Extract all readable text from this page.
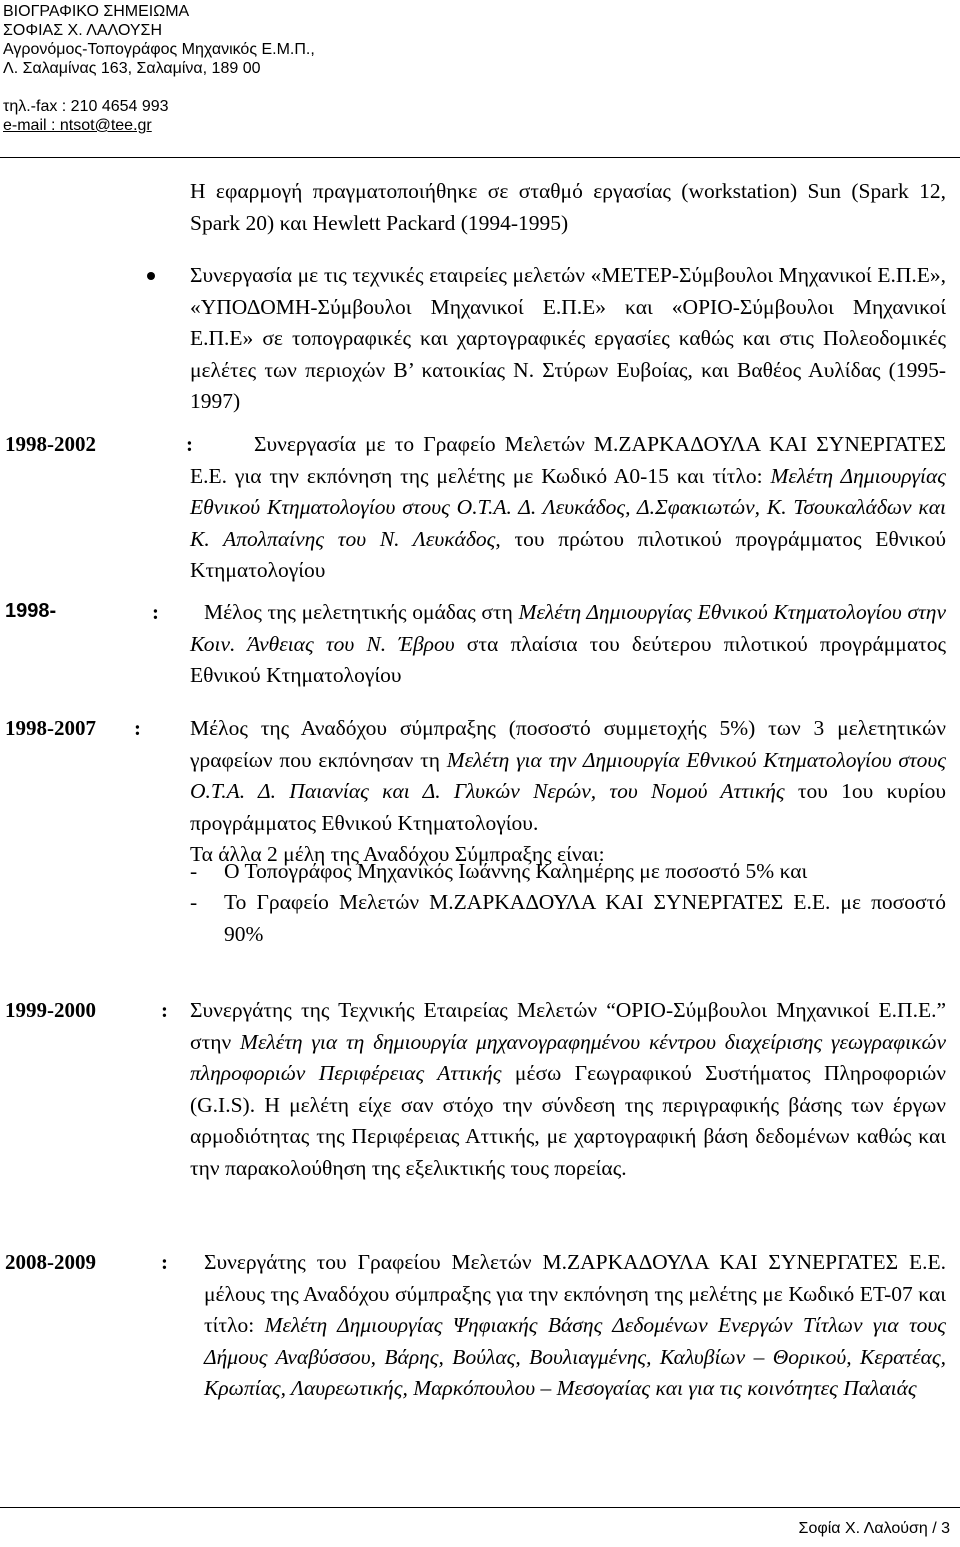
ΒΙΟΓΡΑΦΙΚΟ ΣΗΜΕΙΩΜΑ
ΣΟΦΙΑΣ Χ. ΛΑΛΟΥΣΗ
Αγρονόμος-Τοπογράφος Μηχανικός Ε.Μ.Π.,
Λ. Σαλαμίνας 163, Σαλαμίνα, 189 00
τηλ.-fax : 210 4654 993
e-mail : ntsot@tee.gr
Η εφαρμογή πραγματοποιήθηκε σε σταθμό εργασίας (workstation) Sun (Spark 12, Spark 20) και Hewlett Packard (1994-1995)
Συνεργασία με τις τεχνικές εταιρείες μελετών «ΜΕΤΕΡ-Σύμβουλοι Μηχανικοί Ε.Π.Ε», «ΥΠΟΔΟΜΗ-Σύμβουλοι Μηχανικοί Ε.Π.Ε» και «ΟΡΙΟ-Σύμβουλοι Μηχανικοί Ε.Π.Ε» σε τοπογραφικές και χαρτογραφικές εργασίες καθώς και στις Πολεοδομικές μελέτες των περιοχών Β’ κατοικίας Ν. Στύρων Ευβοίας, και Βαθέος Αυλίδας (1995-1997)
1998-2002	:	Συνεργασία με το Γραφείο Μελετών Μ.ΖΑΡΚΑΔΟΥΛΑ ΚΑΙ ΣΥΝΕΡΓΑΤΕΣ Ε.Ε. για την εκπόνηση της μελέτης με Κωδικό Α0-15 και τίτλο: Μελέτη Δημιουργίας Εθνικού Κτηματολογίου στους Ο.Τ.Α. Δ. Λευκάδος, Δ.Σφακιωτών, Κ. Τσουκαλάδων και Κ. Απολπαίνης του Ν. Λευκάδος, του πρώτου πιλοτικού προγράμματος Εθνικού Κτηματολογίου
1998-	:	Μέλος της μελετητικής ομάδας στη Μελέτη Δημιουργίας Εθνικού Κτηματολογίου στην Κοιν. Άνθειας του Ν. Έβρου στα πλαίσια του δεύτερου πιλοτικού προγράμματος Εθνικού Κτηματολογίου
1998-2007 : Μέλος της Αναδόχου σύμπραξης (ποσοστό συμμετοχής 5%) των 3 μελετητικών γραφείων που εκπόνησαν τη Μελέτη για την Δημιουργία Εθνικού Κτηματολογίου στους Ο.Τ.Α. Δ. Παιανίας και Δ. Γλυκών Νερών, του Νομού Αττικής του 1ου κυρίου προγράμματος Εθνικού Κτηματολογίου.
Τα άλλα 2 μέλη της Αναδόχου Σύμπραξης είναι:
- Ο Τοπογράφος Μηχανικός Ιωάννης Καλημέρης με ποσοστό 5% και
-	Το Γραφείο Μελετών Μ.ΖΑΡΚΑΔΟΥΛΑ ΚΑΙ ΣΥΝΕΡΓΑΤΕΣ Ε.Ε. με ποσοστό 90%
1999-2000	: Συνεργάτης της Τεχνικής Εταιρείας Μελετών “ΟΡΙΟ-Σύμβουλοι Μηχανικοί Ε.Π.Ε.” στην Μελέτη για τη δημιουργία μηχανογραφημένου κέντρου διαχείρισης γεωγραφικών πληροφοριών Περιφέρειας Αττικής μέσω Γεωγραφικού Συστήματος Πληροφοριών (G.I.S). Η μελέτη είχε σαν στόχο την σύνδεση της περιγραφικής βάσης των έργων αρμοδιότητας της Περιφέρειας Αττικής, με χαρτογραφική βάση δεδομένων καθώς και την παρακολούθηση της εξελικτικής τους πορείας.
2008-2009	: Συνεργάτης του Γραφείου Μελετών Μ.ΖΑΡΚΑΔΟΥΛΑ ΚΑΙ ΣΥΝΕΡΓΑΤΕΣ Ε.Ε. μέλους της Αναδόχου σύμπραξης για την εκπόνηση της μελέτης με Κωδικό ΕΤ-07 και τίτλο: Μελέτη Δημιουργίας Ψηφιακής Βάσης Δεδομένων Ενεργών Τίτλων για τους Δήμους Αναβύσσου, Βάρης, Βούλας, Βουλιαγμένης, Καλυβίων – Θορικού, Κερατέας, Κρωπίας, Λαυρεωτικής, Μαρκόπουλου – Μεσογαίας και για τις κοινότητες Παλαιάς
Σοφία Χ. Λαλούση / 3
